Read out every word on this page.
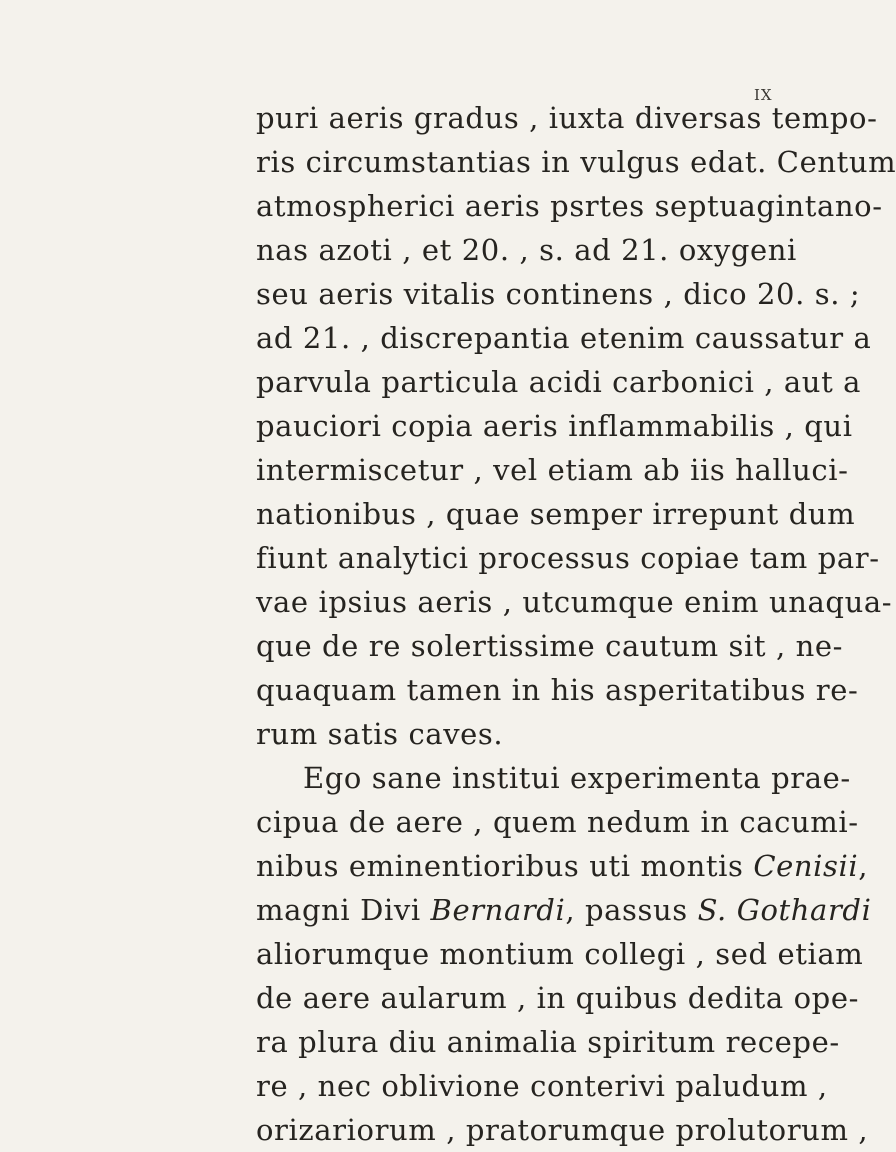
IX
puri aeris gradus , iuxta diversas tempo-
ris circumstantias in vulgus edat. Centum
atmospherici aeris psrtes septuagintano-
nas azoti , et 20. , s. ad 21. oxygeni
seu aeris vitalis continens , dico 20. s. ;
ad 21. , discrepantia etenim caussatur a
parvula particula acidi carbonici , aut a
pauciori copia aeris inflammabilis , qui
intermiscetur , vel etiam ab iis halluci-
nationibus , quae semper irrepunt dum
fiunt analytici processus copiae tam par-
vae ipsius aeris , utcumque enim unaqua-
que de re solertissime cautum sit , ne-
quaquam tamen in his asperitatibus re-
rum satis caves.
Ego sane institui experimenta prae-
cipua de aere , quem nedum in cacumi-
nibus eminentioribus uti montis Cenisii,
magni Divi Bernardi, passus S. Gothardi
aliorumque montium collegi , sed etiam
de aere aularum , in quibus dedita ope-
ra plura diu animalia spiritum recepe-
re , nec oblivione conterivi paludum ,
orizariorum , pratorumque prolutorum ,
